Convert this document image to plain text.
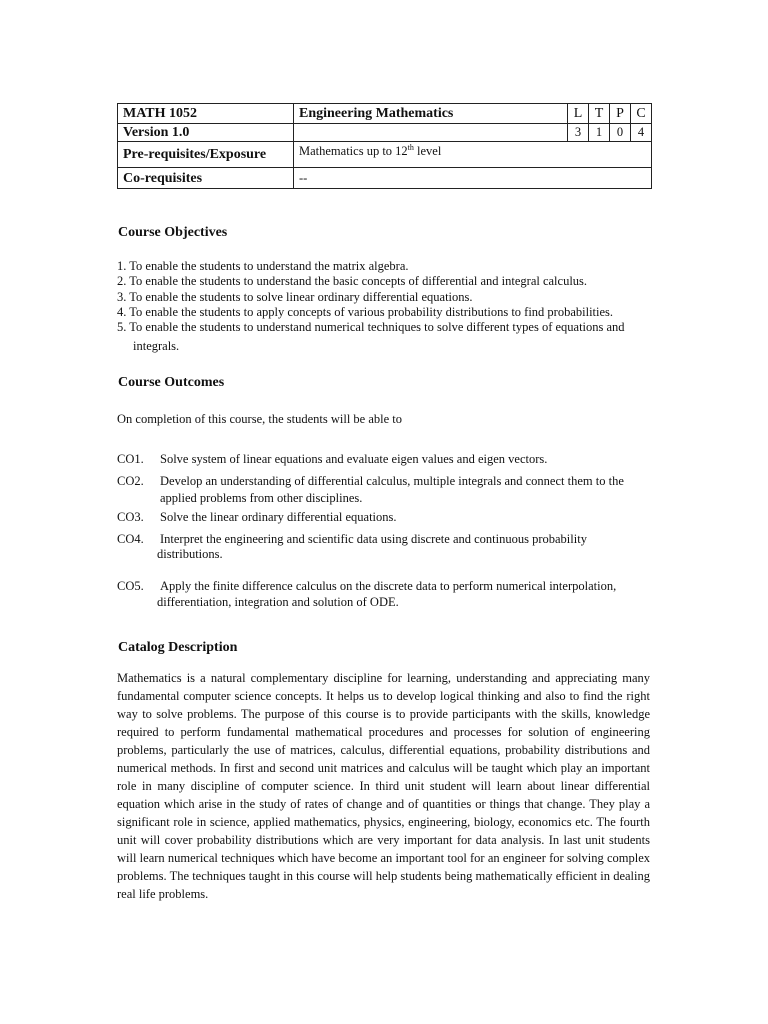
MATH 1052	Engineering Mathematics	L	T	P	C
Version 1.0		3	1	0	4
Pre-requisites/Exposure	Mathematics up to 12th level				
Co-requisites	--				
Course Objectives
1. To enable the students to understand the matrix algebra.
2. To enable the students to understand the basic concepts of differential and integral calculus.
3. To enable the students to solve linear ordinary differential equations.
4. To enable the students to apply concepts of various probability distributions to find probabilities.
5. To enable the students to understand numerical techniques to solve different types of equations and
integrals.
Course Outcomes
On completion of this course, the students will be able to
CO1.	Solve system of linear equations and evaluate eigen values and eigen vectors.
CO2.	Develop an understanding of differential calculus, multiple integrals and connect them to the
applied problems from other disciplines.
CO3.	Solve the linear ordinary differential equations.
CO4.	Interpret the engineering and scientific data using discrete and continuous probability
distributions.
CO5.	Apply the finite difference calculus on the discrete data to perform numerical interpolation,
differentiation, integration and solution of ODE.
Catalog Description
Mathematics is a natural complementary discipline for learning, understanding and appreciating many fundamental computer science concepts. It helps us to develop logical thinking and also to find the right way to solve problems. The purpose of this course is to provide participants with the skills, knowledge required to perform fundamental mathematical procedures and processes for solution of engineering problems, particularly the use of matrices, calculus, differential equations, probability distributions and numerical methods. In first and second unit matrices and calculus will be taught which play an important role in many discipline of computer science. In third unit student will learn about linear differential equation which arise in the study of rates of change and of quantities or things that change. They play a significant role in science, applied mathematics, physics, engineering, biology, economics etc. The fourth unit will cover probability distributions which are very important for data analysis. In last unit students will learn numerical techniques which have become an important tool for an engineer for solving complex problems. The techniques taught in this course will help students being mathematically efficient in dealing real life problems.
